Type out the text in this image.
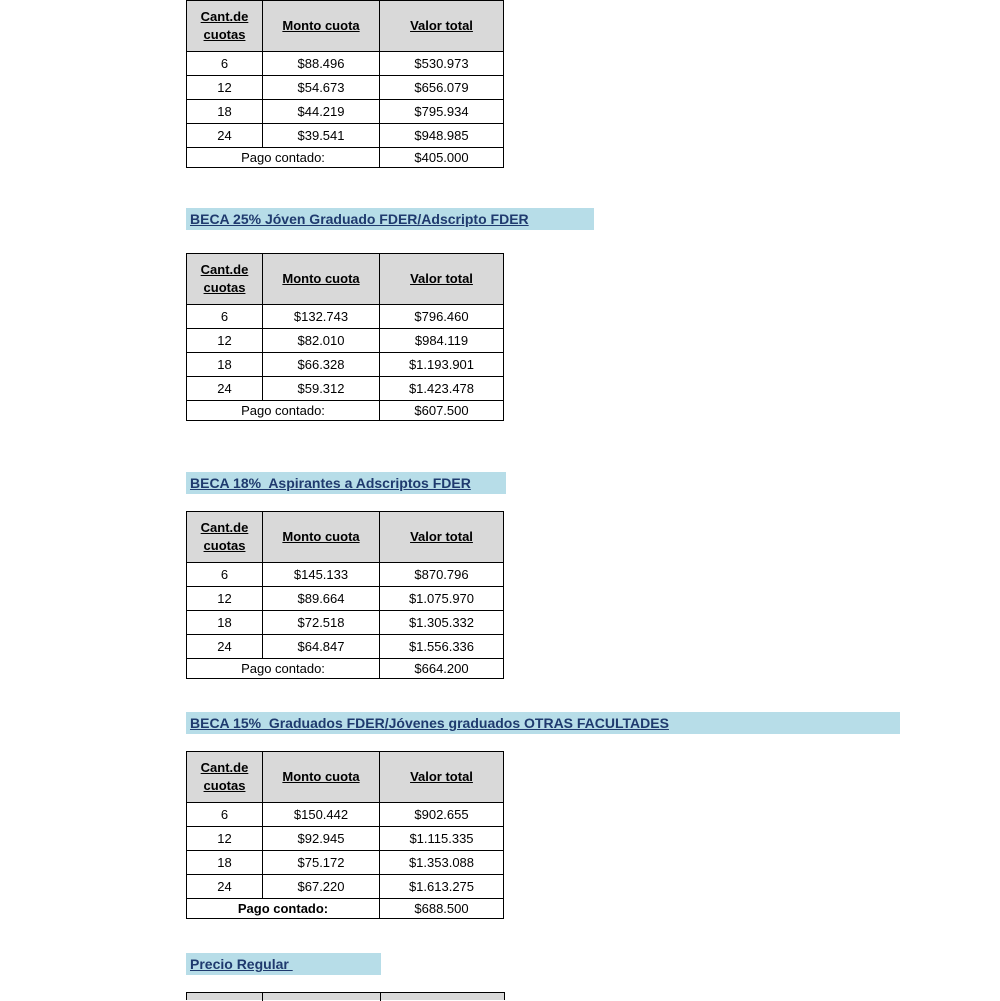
Cant.de
cuotas	Monto cuota	Valor total
6	$88.496	$530.973
12	$54.673	$656.079
18	$44.219	$795.934
24	$39.541	$948.985
Pago contado:		$405.000
BECA 25% Jóven Graduado FDER/Adscripto FDER
Cant.de
cuotas	Monto cuota	Valor total
6	$132.743	$796.460
12	$82.010	$984.119
18	$66.328	$1.193.901
24	$59.312	$1.423.478
Pago contado:		$607.500
BECA 18%  Aspirantes a Adscriptos FDER
Cant.de
cuotas	Monto cuota	Valor total
6	$145.133	$870.796
12	$89.664	$1.075.970
18	$72.518	$1.305.332
24	$64.847	$1.556.336
Pago contado:		$664.200
BECA 15%  Graduados FDER/Jóvenes graduados OTRAS FACULTADES
Cant.de
cuotas	Monto cuota	Valor total
6	$150.442	$902.655
12	$92.945	$1.115.335
18	$75.172	$1.353.088
24	$67.220	$1.613.275
Pago contado:		$688.500
Precio Regular
